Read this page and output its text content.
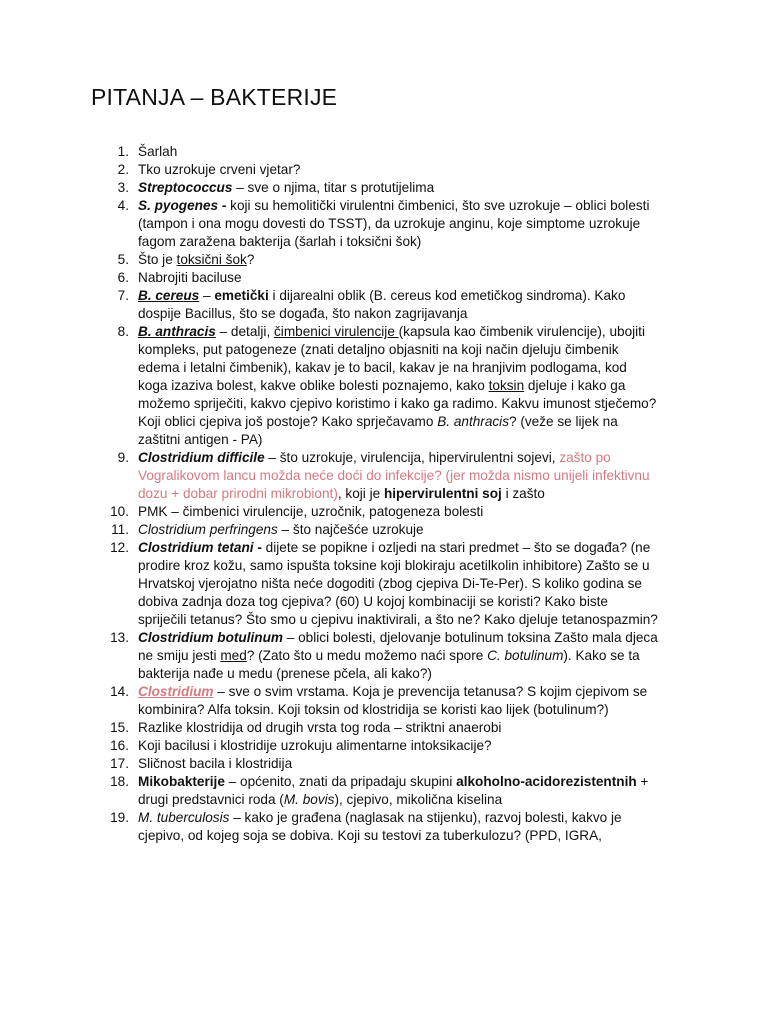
PITANJA – BAKTERIJE
1. Šarlah
2. Tko uzrokuje crveni vjetar?
3. Streptococcus – sve o njima, titar s protutijelima
4. S. pyogenes - koji su hemolitički virulentni čimbenici, što sve uzrokuje – oblici bolesti (tampon i ona mogu dovesti do TSST), da uzrokuje anginu, koje simptome uzrokuje fagom zaražena bakterija (šarlah i toksični šok)
5. Što je toksični šok?
6. Nabrojiti baciluse
7. B. cereus – emetički i dijarealni oblik (B. cereus kod emetičkog sindroma). Kako dospije Bacillus, što se događa, što nakon zagrijavanja
8. B. anthracis – detalji, čimbenici virulencije (kapsula kao čimbenik virulencije), ubojiti kompleks, put patogeneze (znati detaljno objasniti na koji način djeluju čimbenik edema i letalni čimbenik), kakav je to bacil, kakav je na hranjivim podlogama, kod koga izaziva bolest, kakve oblike bolesti poznajemo, kako toksin djeluje i kako ga možemo spriječiti, kakvo cjepivo koristimo i kako ga radimo. Kakvu imunost stječemo? Koji oblici cjepiva još postoje? Kako sprječavamo B. anthracis? (veže se lijek na zaštitni antigen - PA)
9. Clostridium difficile – što uzrokuje, virulencija, hipervirulentni sojevi, zašto po Vogralikovom lancu možda neće doći do infekcije? (jer možda nismo unijeli infektivnu dozu + dobar prirodni mikrobiont), koji je hipervirulentni soj i zašto
10. PMK – čimbenici virulencije, uzročnik, patogeneza bolesti
11. Clostridium perfringens – što najčešće uzrokuje
12. Clostridium tetani - dijete se popikne i ozljedi na stari predmet – što se događa? (ne prodire kroz kožu, samo ispušta toksine koji blokiraju acetilkolin inhibitore) Zašto se u Hrvatskoj vjerojatno ništa neće dogoditi (zbog cjepiva Di-Te-Per). S koliko godina se dobiva zadnja doza tog cjepiva? (60) U kojoj kombinaciji se koristi? Kako biste spriječili tetanus? Što smo u cjepivu inaktivirali, a što ne? Kako djeluje tetanospazmin?
13. Clostridium botulinum – oblici bolesti, djelovanje botulinum toksina Zašto mala djeca ne smiju jesti med? (Zato što u medu možemo naći spore C. botulinum). Kako se ta bakterija nađe u medu (prenese pčela, ali kako?)
14. Clostridium – sve o svim vrstama. Koja je prevencija tetanusa? S kojim cjepivom se kombinira? Alfa toksin. Koji toksin od klostridija se koristi kao lijek (botulinum?)
15. Razlike klostridija od drugih vrsta tog roda – striktni anaerobi
16. Koji bacilusi i klostridije uzrokuju alimentarne intoksikacije?
17. Sličnost bacila i klostridija
18. Mikobakterije – općenito, znati da pripadaju skupini alkoholno-acidorezistentnih + drugi predstavnici roda (M. bovis), cjepivo, mikolična kiselina
19. M. tuberculosis – kako je građena (naglasak na stijenku), razvoj bolesti, kakvo je cjepivo, od kojeg soja se dobiva. Koji su testovi za tuberkulozu? (PPD, IGRA,
